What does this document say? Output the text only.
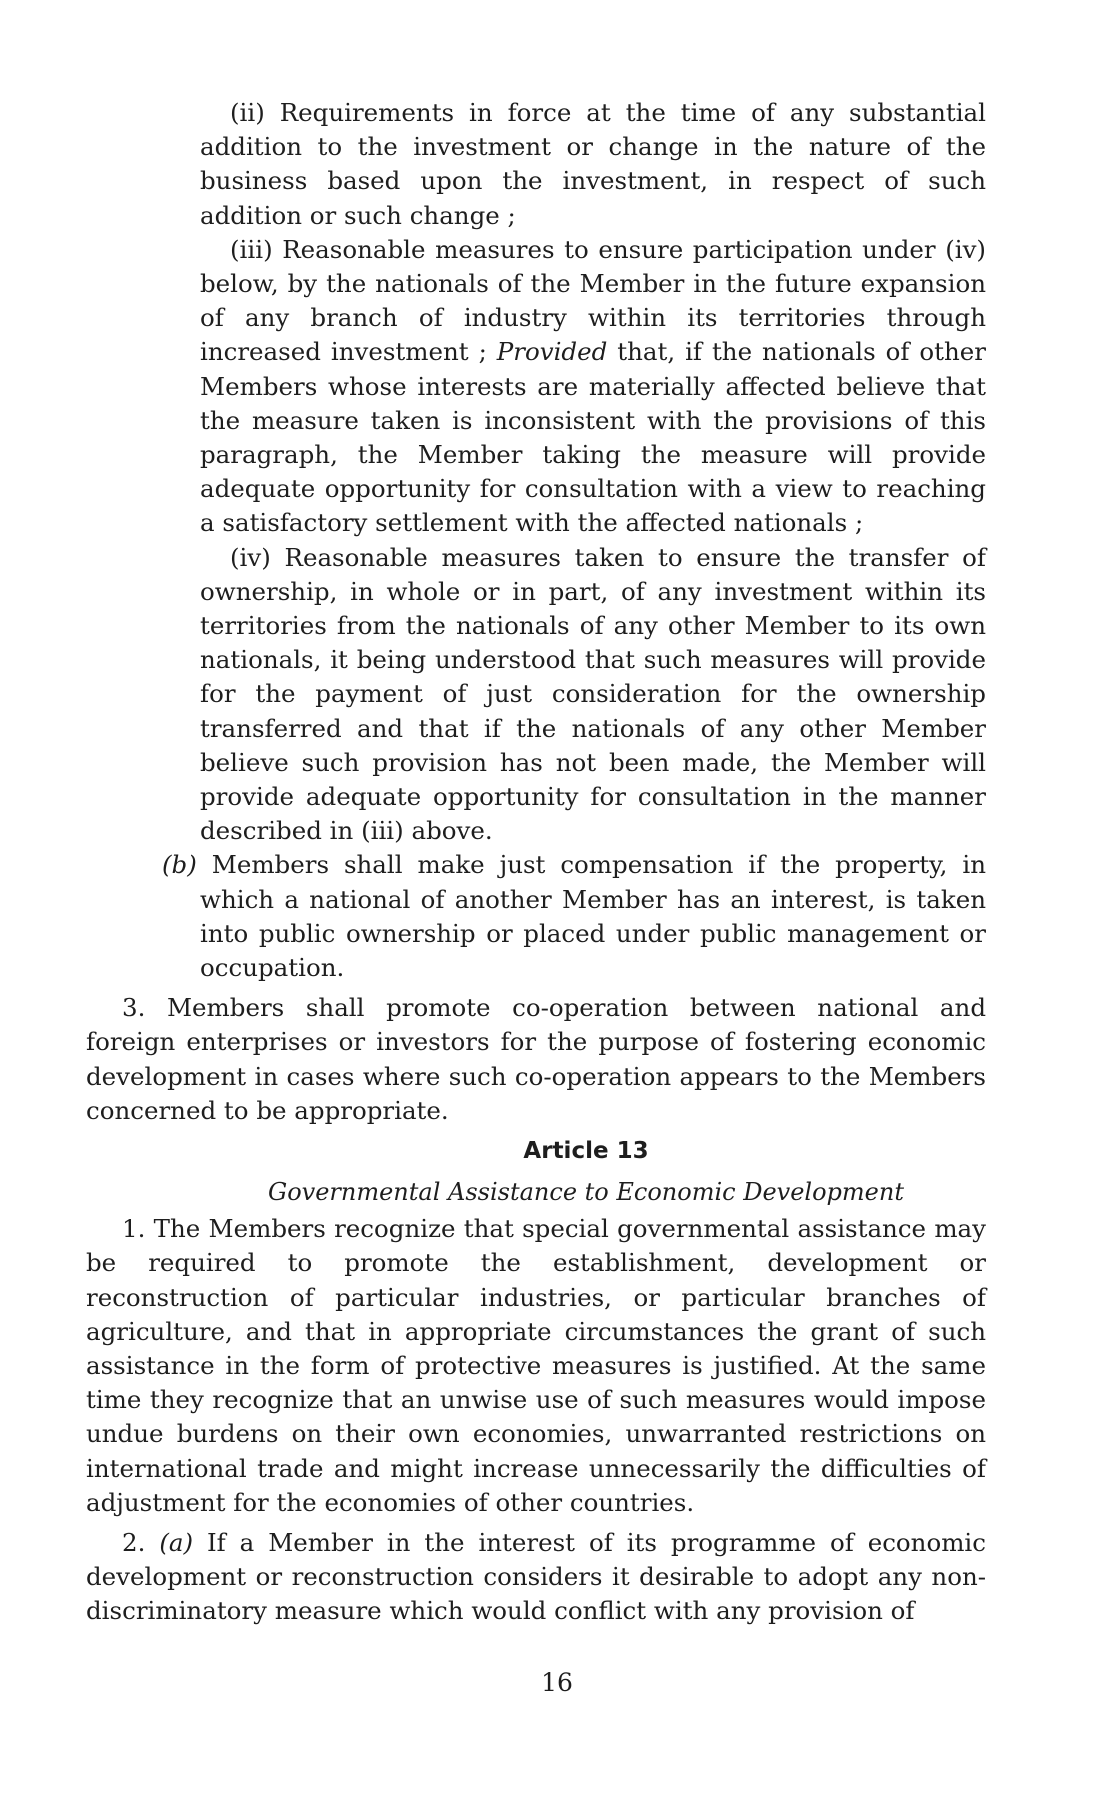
(ii) Requirements in force at the time of any substantial addition to the investment or change in the nature of the business based upon the investment, in respect of such addition or such change ;

(iii) Reasonable measures to ensure participation under (iv) below, by the nationals of the Member in the future expansion of any branch of industry within its territories through increased investment ; Provided that, if the nationals of other Members whose interests are materially affected believe that the measure taken is inconsistent with the provisions of this paragraph, the Member taking the measure will provide adequate opportunity for consultation with a view to reaching a satisfactory settlement with the affected nationals ;

(iv) Reasonable measures taken to ensure the transfer of ownership, in whole or in part, of any investment within its territories from the nationals of any other Member to its own nationals, it being understood that such measures will provide for the payment of just consideration for the ownership transferred and that if the nationals of any other Member believe such provision has not been made, the Member will provide adequate opportunity for consultation in the manner described in (iii) above.

(b) Members shall make just compensation if the property, in which a national of another Member has an interest, is taken into public ownership or placed under public management or occupation.

3. Members shall promote co-operation between national and foreign enterprises or investors for the purpose of fostering economic development in cases where such co-operation appears to the Members concerned to be appropriate.

Article 13
Governmental Assistance to Economic Development

1. The Members recognize that special governmental assistance may be required to promote the establishment, development or reconstruction of particular industries, or particular branches of agriculture, and that in appropriate circumstances the grant of such assistance in the form of protective measures is justified. At the same time they recognize that an unwise use of such measures would impose undue burdens on their own economies, unwarranted restrictions on international trade and might increase unnecessarily the difficulties of adjustment for the economies of other countries.

2. (a) If a Member in the interest of its programme of economic development or reconstruction considers it desirable to adopt any non-discriminatory measure which would conflict with any provision of

16
